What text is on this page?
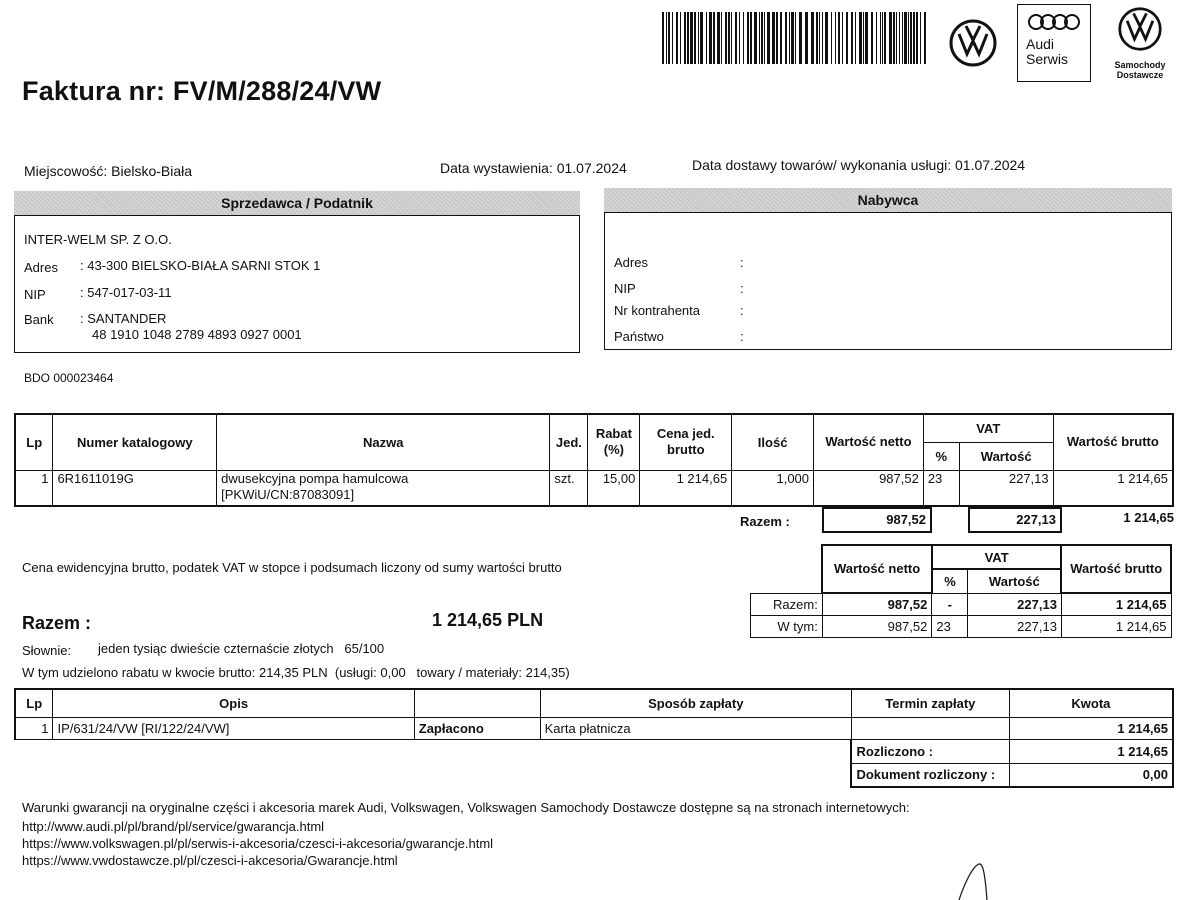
Audi
Serwis	Samochody
Dostawcze
Faktura nr: FV/M/288/24/VW
Miejscowość: Bielsko-Biała	Data wystawienia: 01.07.2024	Data dostawy towarów/ wykonania usługi: 01.07.2024
Sprzedawca / Podatnik
INTER-WELM SP. Z O.O.
Adres : 43-300 BIELSKO-BIAŁA SARNI STOK 1
NIP	: 547-017-03-11
Bank : SANTANDER
48 1910 1048 2789 4893 0927 0001
Nabywca
Adres	:
NIP	:
Nr kontrahenta	:
Państwo	:
BDO 000023464
Lp	Numer katalogowy	Nazwa	Jed.	Rabat (%)	Cena jed. brutto	Ilość	Wartość netto	VAT		Wartość brutto
								%	Wartość	
1	6R1611019G	dwusekcyjna pompa hamulcowa
[PKWiU/CN:87083091]	szt.	15,00	1 214,65	1,000	987,52	23	227,13	1 214,65
Razem :	987,52	227,13	1 214,65
Cena ewidencyjna brutto, podatek VAT w stopce i podsumach liczony od sumy wartości brutto
		Wartość netto	VAT		Wartość brutto
		%	Wartość	
Razem:	987,52	-	227,13	1 214,65
W tym:	987,52	23	227,13	1 214,65
Razem :	1 214,65 PLN
Słownie: jeden tysiąc dwieście czternaście złotych   65/100
W tym udzielono rabatu w kwocie brutto: 214,35 PLN  (usługi: 0,00   towary / materiały: 214,35)
Lp	Opis		Sposób zapłaty	Termin zapłaty	Kwota
1	IP/631/24/VW [RI/122/24/VW]	Zapłacono	Karta płatnicza		1 214,65
				Rozliczono :	1 214,65
				Dokument rozliczony :	0,00
Warunki gwarancji na oryginalne części i akcesoria marek Audi, Volkswagen, Volkswagen Samochody Dostawcze dostępne są na stronach internetowych:
http://www.audi.pl/pl/brand/pl/service/gwarancja.html
https://www.volkswagen.pl/pl/serwis-i-akcesoria/czesci-i-akcesoria/gwarancje.html
https://www.vwdostawcze.pl/pl/czesci-i-akcesoria/Gwarancje.html
